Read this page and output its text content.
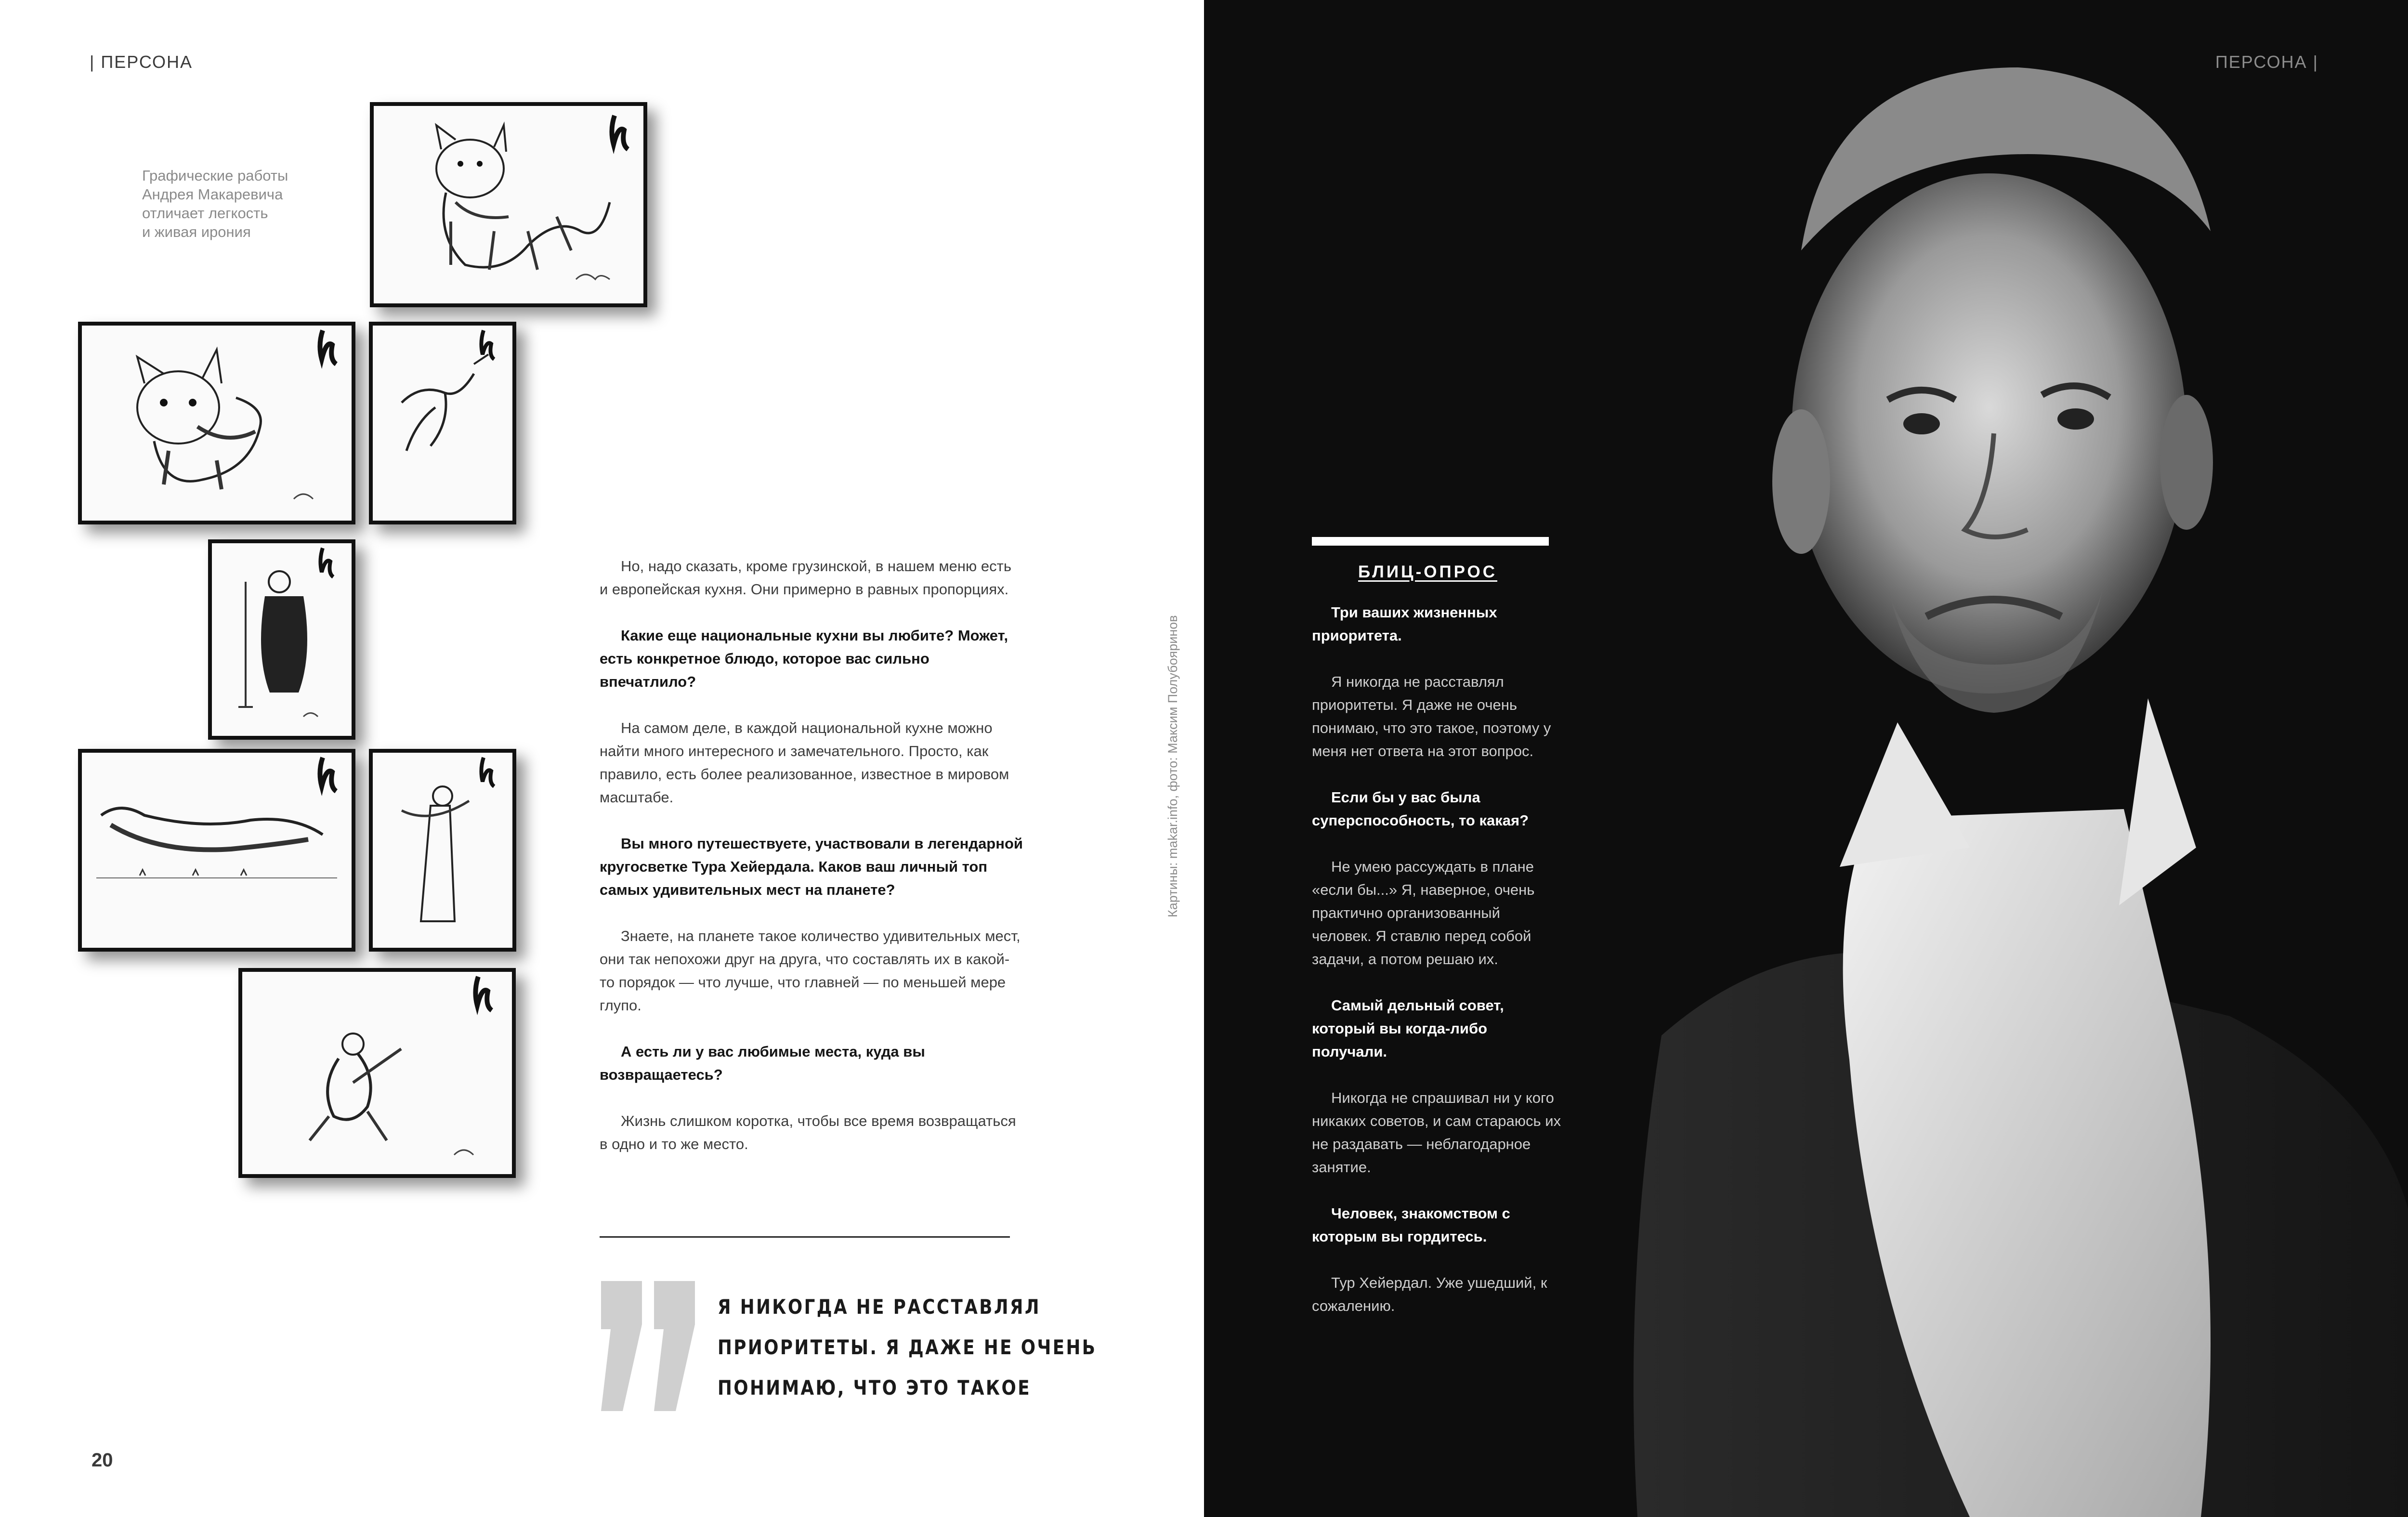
| ПЕРСОНА
Графические работы
Андрея Макаревича
отличает легкость
и живая ирония

Но, надо сказать, кроме грузинской, в нашем меню есть и европейская кухня. Они примерно в равных пропорциях.

Какие еще национальные кухни вы любите? Может, есть конкретное блюдо, которое вас сильно впечатлило?

На самом деле, в каждой национальной кухне можно найти много интересного и замечательного. Просто, как правило, есть более реализованное, известное в мировом масштабе.

Вы много путешествуете, участвовали в легендарной кругосветке Тура Хейердала. Каков ваш личный топ самых удивительных мест на планете?

Знаете, на планете такое количество удивительных мест, они так непохожи друг на друга, что составлять их в какой-то порядок — что лучше, что главней — по меньшей мере глупо.

А есть ли у вас любимые места, куда вы возвращаетесь?

Жизнь слишком коротка, чтобы все время возвращаться в одно и то же место.

Я НИКОГДА НЕ РАССТАВЛЯЛ
ПРИОРИТЕТЫ. Я ДАЖЕ НЕ ОЧЕНЬ
ПОНИМАЮ, ЧТО ЭТО ТАКОЕ
20
Картины: makar.info, фото: Максим Полубояринов
ПЕРСОНА |
БЛИЦ-ОПРОС

Три ваших жизненных приоритета.

Я никогда не расставлял приоритеты. Я даже не очень понимаю, что это такое, поэтому у меня нет ответа на этот вопрос.

Если бы у вас была суперспособность, то какая?

Не умею рассуждать в плане «если бы...» Я, наверное, очень практично организованный человек. Я ставлю перед собой задачи, а потом решаю их.

Самый дельный совет, который вы когда-либо получали.

Никогда не спрашивал ни у кого никаких советов, и сам стараюсь их не раздавать — неблагодарное занятие.

Человек, знакомством с которым вы гордитесь.

Тур Хейердал. Уже ушедший, к сожалению.
